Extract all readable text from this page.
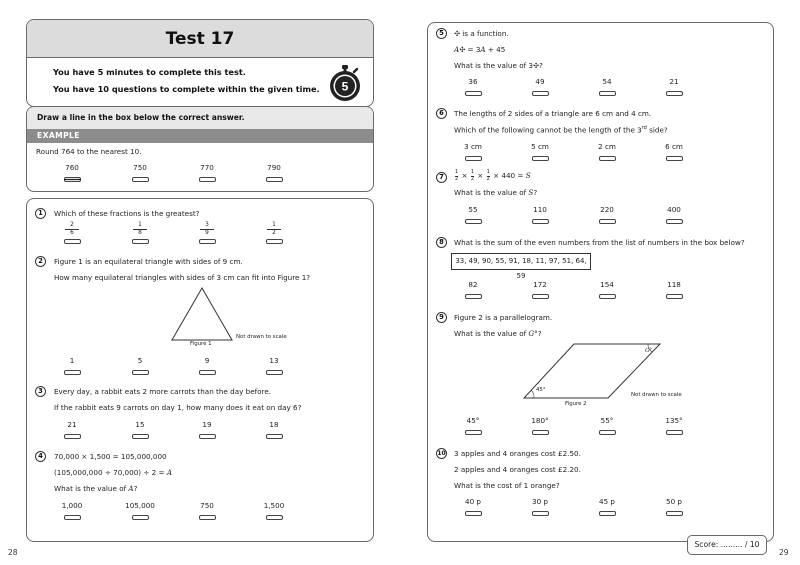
Test 17
You have 5 minutes to complete this test.
You have 10 questions to complete within the given time. 5
Draw a line in the box below the correct answer.
EXAMPLE
Round 764 to the nearest 10.
760	750	770	790
1	Which of these fractions is the greatest?
$\frac{2}{6}$	$\frac{1}{8}$	$\frac{3}{9}$	$\frac{1}{2}$
2	Figure 1 is an equilateral triangle with sides of 9 cm.
How many equilateral triangles with sides of 3 cm can fit into Figure 1?
Figure 1
Not drawn to scale
1	5	9	13
3	Every day, a rabbit eats 2 more carrots than the day before.
If the rabbit eats 9 carrots on day 1, how many does it eat on day 6?
21	15	19	18
4	70,000 × 1,500 = 105,000,000
(105,000,000 ÷ 70,000) ÷ 2 = A
What is the value of A?
1,000	105,000	750	1,500
28
5	✣ is a function.
A✣ = 3A + 45
What is the value of 3✣?
36	49	54	21
6	The lengths of 2 sides of a triangle are 6 cm and 4 cm.
Which of the following cannot be the length of the 3rd side?
3 cm	5 cm	2 cm	6 cm
7	$\frac{1}{2} \times \frac{1}{2} \times \frac{1}{2} \times 440 = S$
What is the value of S?
55	110	220	400
8	What is the sum of the even numbers from the list of numbers in the box below?
33, 49, 90, 55, 91, 18, 11, 97, 51, 64, 59
82	172	154	118
9	Figure 2 is a parallelogram.
What is the value of G°?
45°
G°
Figure 2
Not drawn to scale
45°	180°	55°	135°
10 3 apples and 4 oranges cost £2.50.
2 apples and 4 oranges cost £2.20.
What is the cost of 1 orange?
40 p	30 p	45 p	50 p
Score: ......... / 10
29
